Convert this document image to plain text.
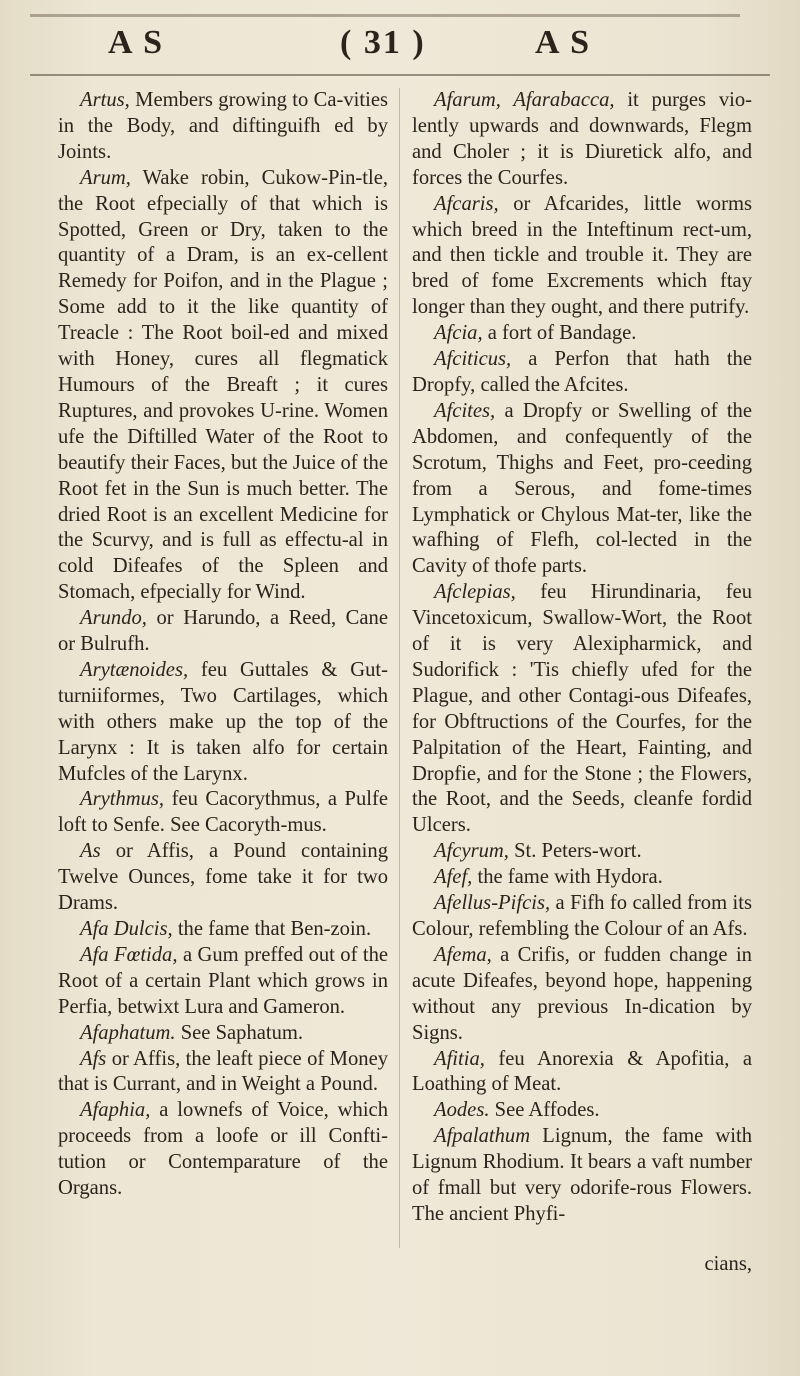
A S	( 31 )	A S

Artus, Members growing to Ca-vities in the Body, and diftinguifh ed by Joints.

Arum, Wake robin, Cukow-Pin-tle, the Root efpecially of that which is Spotted, Green or Dry, taken to the quantity of a Dram, is an ex-cellent Remedy for Poifon, and in the Plague ; Some add to it the like quantity of Treacle : The Root boil-ed and mixed with Honey, cures all flegmatick Humours of the Breaft ; it cures Ruptures, and provokes U-rine. Women ufe the Diftilled Water of the Root to beautify their Faces, but the Juice of the Root fet in the Sun is much better. The dried Root is an excellent Medicine for the Scurvy, and is full as effectu-al in cold Difeafes of the Spleen and Stomach, efpecially for Wind.

Arundo, or Harundo, a Reed, Cane or Bulrufh.

Arytænoides, feu Guttales & Gut-turniiformes, Two Cartilages, which with others make up the top of the Larynx : It is taken alfo for certain Mufcles of the Larynx.

Arythmus, feu Cacorythmus, a Pulfe loft to Senfe. See Cacoryth-mus.

As or Affis, a Pound containing Twelve Ounces, fome take it for two Drams.

Afa Dulcis, the fame that Ben-zoin.

Afa Fœtida, a Gum preffed out of the Root of a certain Plant which grows in Perfia, betwixt Lura and Gameron.

Afaphatum. See Saphatum.

Afs or Affis, the leaft piece of Money that is Currant, and in Weight a Pound.

Afaphia, a lownefs of Voice, which proceeds from a loofe or ill Confti-tution or Contemparature of the Organs.

Afarum, Afarabacca, it purges vio-lently upwards and downwards, Flegm and Choler ; it is Diuretick alfo, and forces the Courfes.

Afcaris, or Afcarides, little worms which breed in the Inteftinum rect-um, and then tickle and trouble it. They are bred of fome Excrements which ftay longer than they ought, and there putrify.

Afcia, a fort of Bandage.

Afciticus, a Perfon that hath the Dropfy, called the Afcites.

Afcites, a Dropfy or Swelling of the Abdomen, and confequently of the Scrotum, Thighs and Feet, pro-ceeding from a Serous, and fome-times Lymphatick or Chylous Mat-ter, like the wafhing of Flefh, col-lected in the Cavity of thofe parts.

Afclepias, feu Hirundinaria, feu Vincetoxicum, Swallow-Wort, the Root of it is very Alexipharmick, and Sudorifick : 'Tis chiefly ufed for the Plague, and other Contagi-ous Difeafes, for Obftructions of the Courfes, for the Palpitation of the Heart, Fainting, and Dropfie, and for the Stone ; the Flowers, the Root, and the Seeds, cleanfe fordid Ulcers.

Afcyrum, St. Peters-wort.

Afef, the fame with Hydora.

Afellus-Pifcis, a Fifh fo called from its Colour, refembling the Colour of an Afs.

Afema, a Crifis, or fudden change in acute Difeafes, beyond hope, happening without any previous In-dication by Signs.

Afitia, feu Anorexia & Apofitia, a Loathing of Meat.

Aodes. See Affodes.

Afpalathum Lignum, the fame with Lignum Rhodium. It bears a vaft number of fmall but very odorife-rous Flowers. The ancient Phyfi-

cians,
